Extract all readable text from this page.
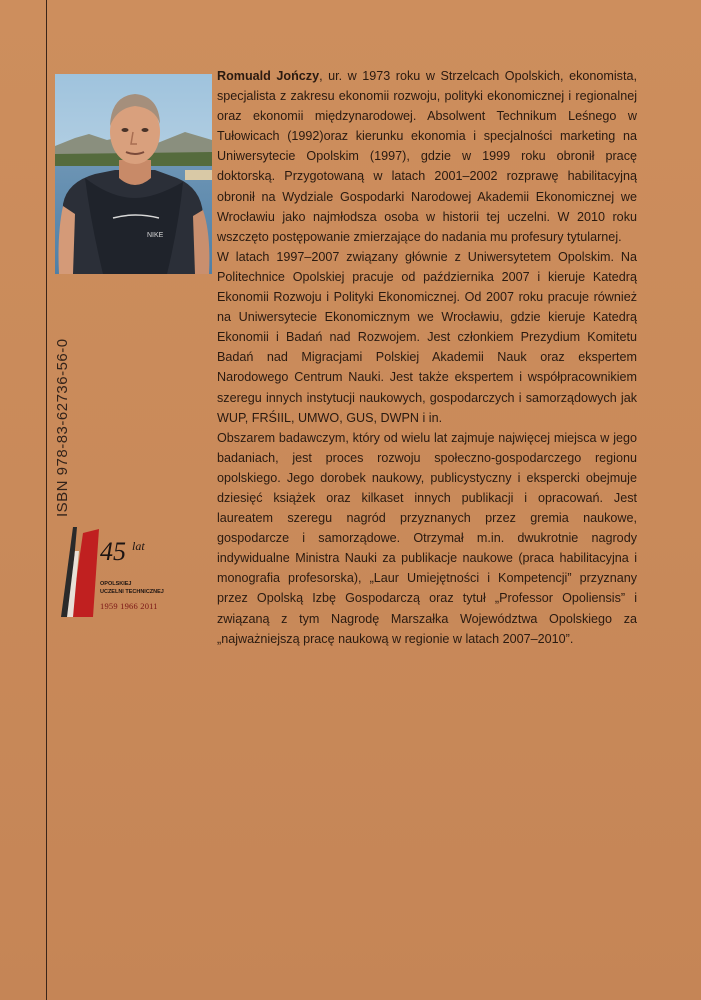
ISBN 978-83-62736-56-0
NIKE

Romuald Jończy, ur. w 1973 roku w Strzelcach Opolskich, ekonomista, specjalista z zakresu ekonomii rozwoju, polityki ekonomicznej i regionalnej oraz ekonomii międzynarodowej. Absolwent Technikum Leśnego w Tułowicach (1992)oraz kierunku ekonomia i specjalności marketing na Uniwersytecie Opolskim (1997), gdzie w 1999 roku obronił pracę doktorską. Przygotowaną w latach 2001–2002 rozprawę habilitacyjną obronił na Wydziale Gospodarki Narodowej Akademii Ekonomicznej we Wrocławiu jako najmłodsza osoba w historii tej uczelni. W 2010 roku wszczęto postępowanie zmierzające do nadania mu profesury tytularnej.

W latach 1997–2007 związany głównie z Uniwersytetem Opolskim. Na Politechnice Opolskiej pracuje od października 2007 i kieruje Katedrą Ekonomii Rozwoju i Polityki Ekonomicznej. Od 2007 roku pracuje również na Uniwersytecie Ekonomicznym we Wrocławiu, gdzie kieruje Katedrą Ekonomii i Badań nad Rozwojem. Jest członkiem Prezydium Komitetu Badań nad Migracjami Polskiej Akademii Nauk oraz ekspertem Narodowego Centrum Nauki. Jest także ekspertem i współpracownikiem szeregu innych instytucji naukowych, gospodarczych i samorządowych jak WUP, FRŚIIL, UMWO, GUS, DWPN i in.

Obszarem badawczym, który od wielu lat zajmuje najwięcej miejsca w jego badaniach, jest proces rozwoju społeczno-gospodarczego regionu opolskiego. Jego dorobek naukowy, publicystyczny i ekspercki obejmuje dziesięć książek oraz kilkaset innych publikacji i opracowań. Jest laureatem szeregu nagród przyznanych przez gremia naukowe, gospodarcze i samorządowe. Otrzymał m.in. dwukrotnie nagrody indywidualne Ministra Nauki za publikacje naukowe (praca habilitacyjna i monografia profesorska), „Laur Umiejętności i Kompetencji” przyznany przez Opolską Izbę Gospodarczą oraz tytuł „Professor Opoliensis” i związaną z tym Nagrodę Marszałka Województwa Opolskiego za „najważniejszą pracę naukową w regionie w latach 2007–2010”.

45 lat
OPOLSKIEJ
UCZELNI TECHNICZNEJ
1959 1966 2011
